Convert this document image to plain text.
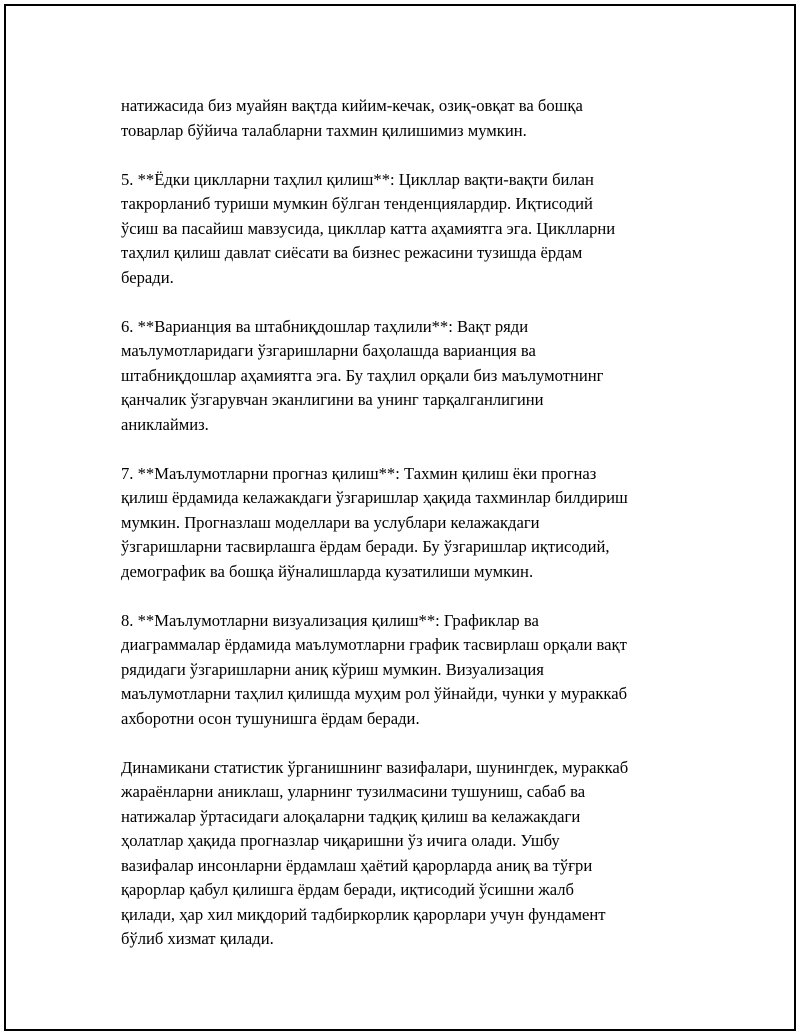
натижасида биз муайян вақтда кийим-кечак, озиқ-овқат ва бошқа
товарлар бўйича талабларни тахмин қилишимиз мумкин.

5. **Ёдки циклларни таҳлил қилиш**: Цикллар вақти-вақти билан
такрорланиб туриши мумкин бўлган тенденциялардир. Иқтисодий
ўсиш ва пасайиш мавзусида, цикллар катта аҳамиятга эга. Циклларни
таҳлил қилиш давлат сиёсати ва бизнес режасини тузишда ёрдам
беради.

6. **Варианция ва штабниқдошлар таҳлили**: Вақт ряди
маълумотларидаги ўзгаришларни баҳолашда варианция ва
штабниқдошлар аҳамиятга эга. Бу таҳлил орқали биз маълумотнинг
қанчалик ўзгарувчан эканлигини ва унинг тарқалганлигини
аниклаймиз.

7. **Маълумотларни прогназ қилиш**: Тахмин қилиш ёки прогназ
қилиш ёрдамида келажакдаги ўзгаришлар ҳақида тахминлар билдириш
мумкин. Прогназлаш моделлари ва услублари келажакдаги
ўзгаришларни тасвирлашга ёрдам беради. Бу ўзгаришлар иқтисодий,
демографик ва бошқа йўналишларда кузатилиши мумкин.

8. **Маълумотларни визуализация қилиш**: Графиклар ва
диаграммалар ёрдамида маълумотларни график тасвирлаш орқали вақт
рядидаги ўзгаришларни аниқ кўриш мумкин. Визуализация
маълумотларни таҳлил қилишда муҳим рол ўйнайди, чунки у мураккаб
ахборотни осон тушунишга ёрдам беради.

Динамикани статистик ўрганишнинг вазифалари, шунингдек, мураккаб
жараёнларни аниклаш, уларнинг тузилмасини тушуниш, сабаб ва
натижалар ўртасидаги алоқаларни тадқиқ қилиш ва келажакдаги
ҳолатлар ҳақида прогназлар чиқаришни ўз ичига олади. Ушбу
вазифалар инсонларни ёрдамлаш ҳаётий қарорларда аниқ ва тўғри
қарорлар қабул қилишга ёрдам беради, иқтисодий ўсишни жалб
қилади, ҳар хил миқдорий тадбиркорлик қарорлари учун фундамент
бўлиб хизмат қилади.
